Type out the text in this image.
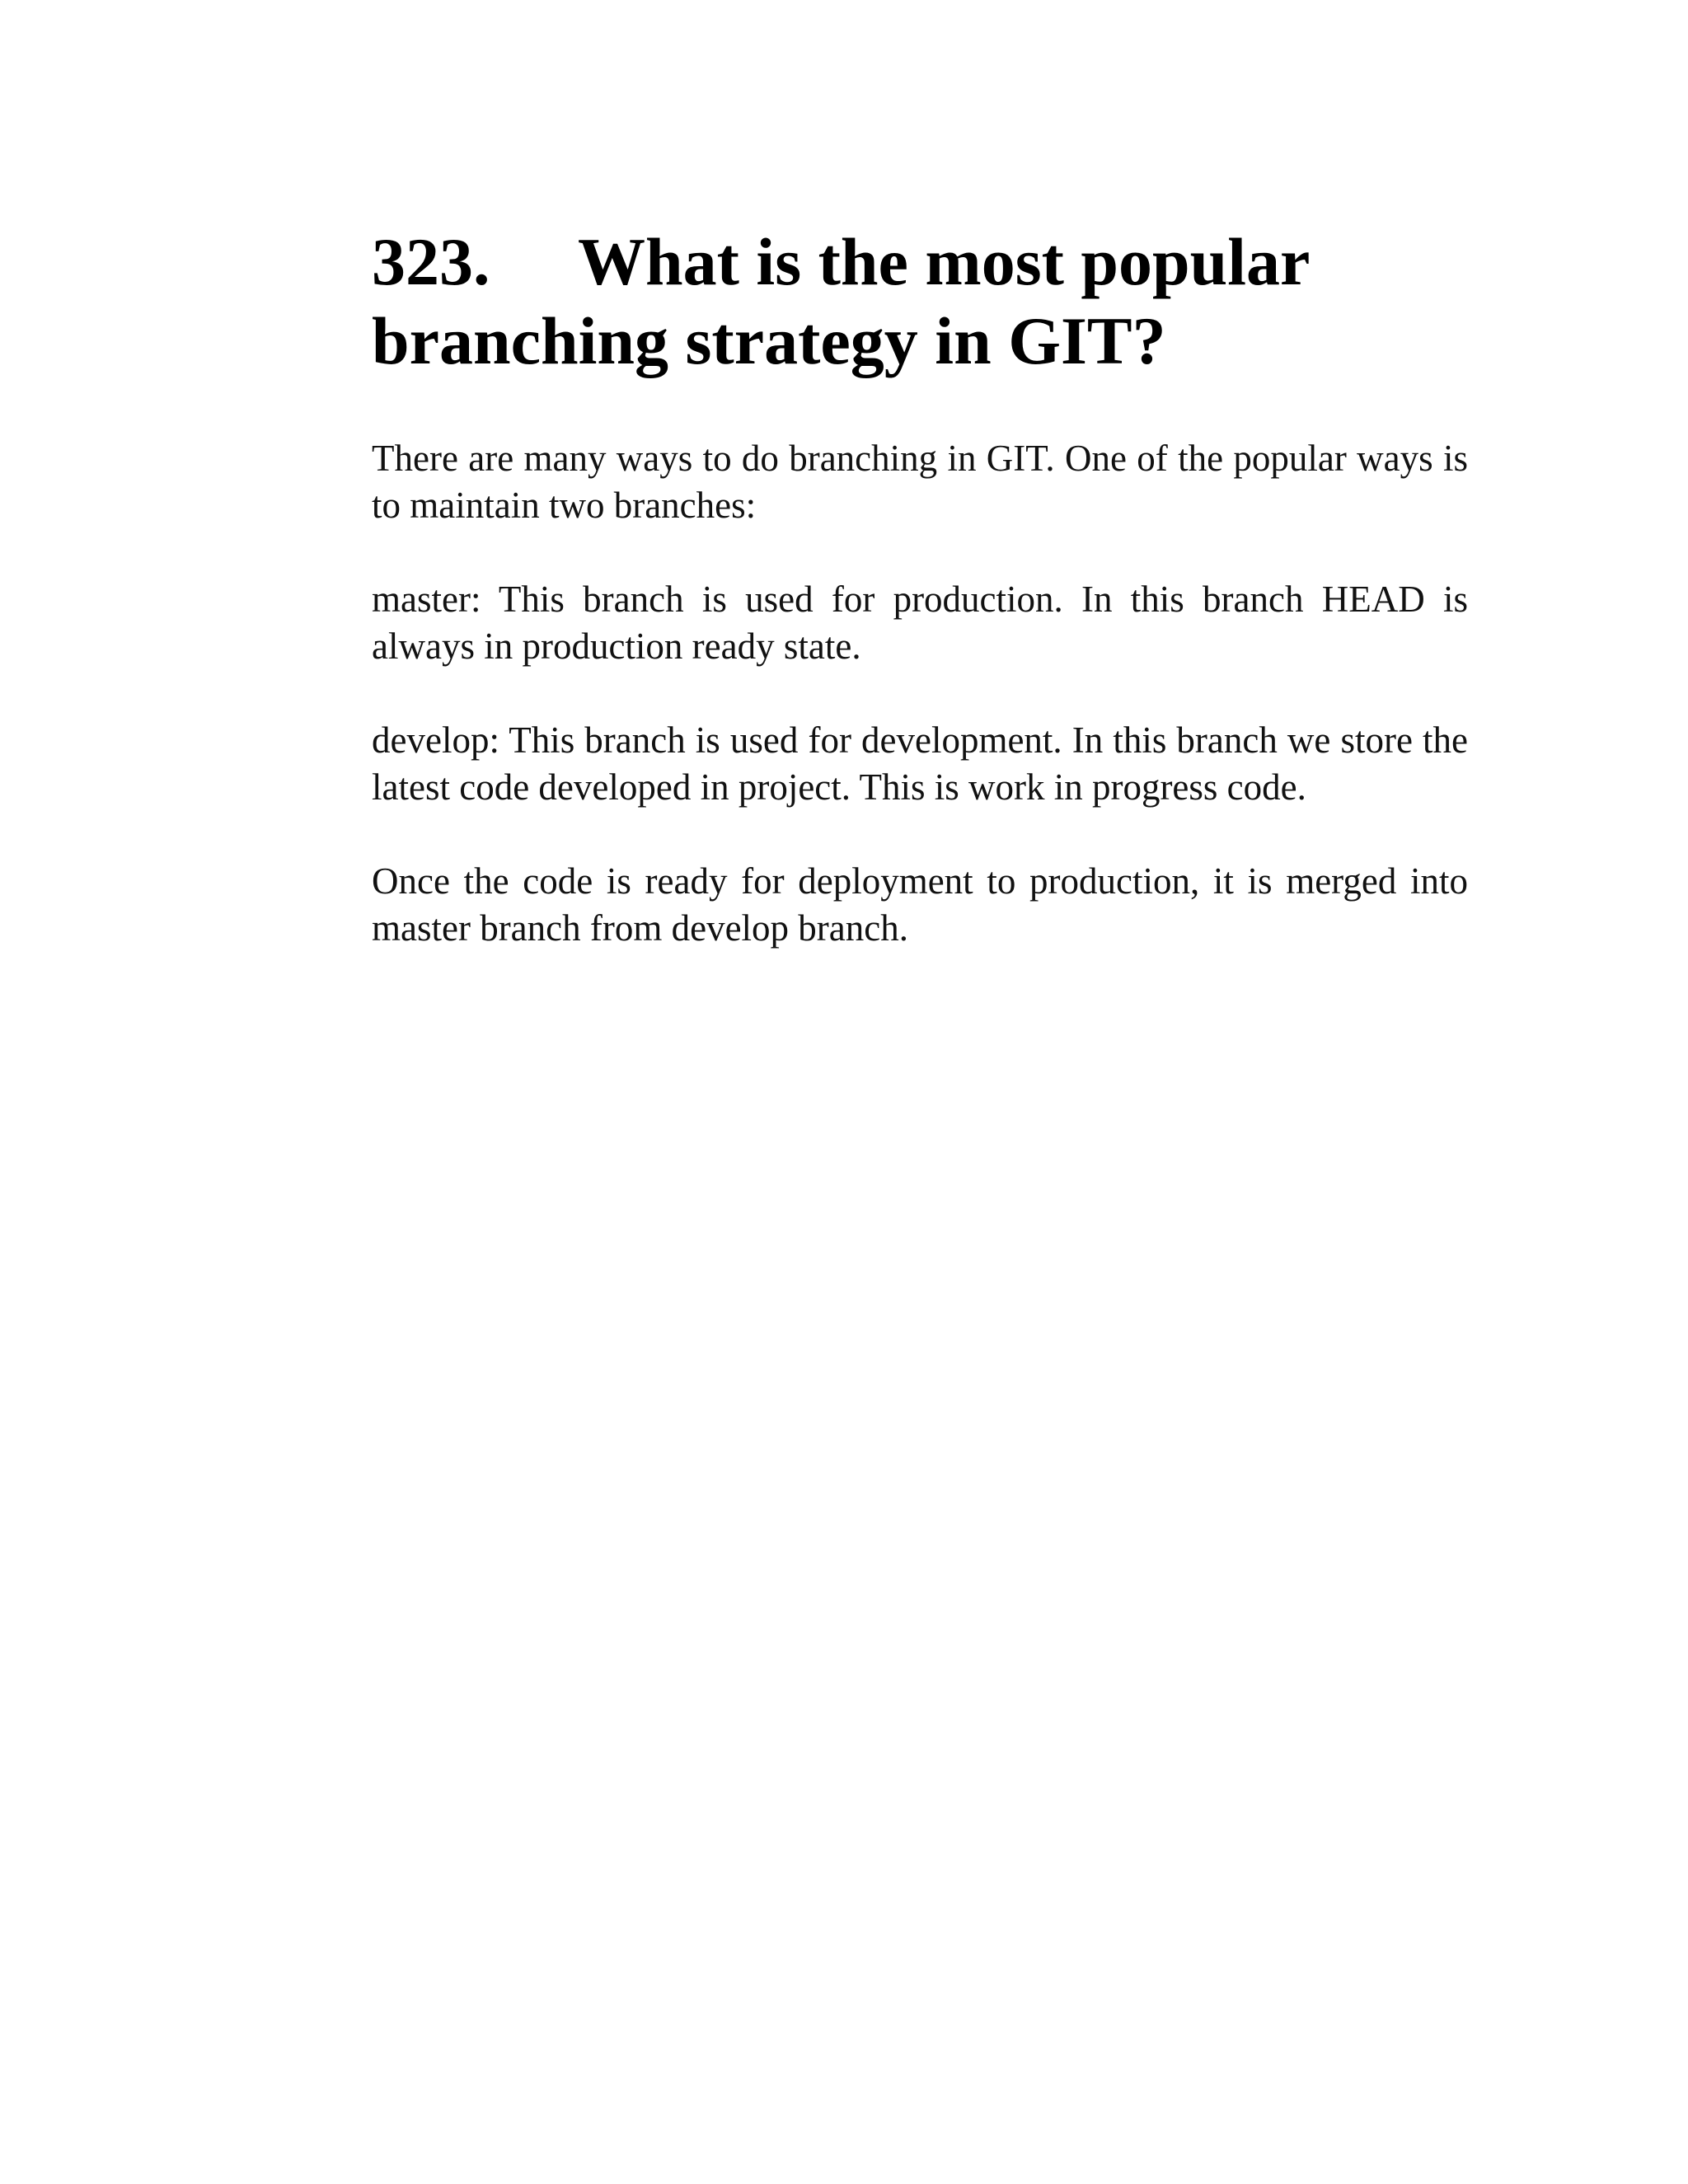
323. What is the most popular branching strategy in GIT?

There are many ways to do branching in GIT. One of the popular ways is to maintain two branches:

master: This branch is used for production. In this branch HEAD is always in production ready state.

develop: This branch is used for development. In this branch we store the latest code developed in project. This is work in progress code.

Once the code is ready for deployment to production, it is merged into master branch from develop branch.
